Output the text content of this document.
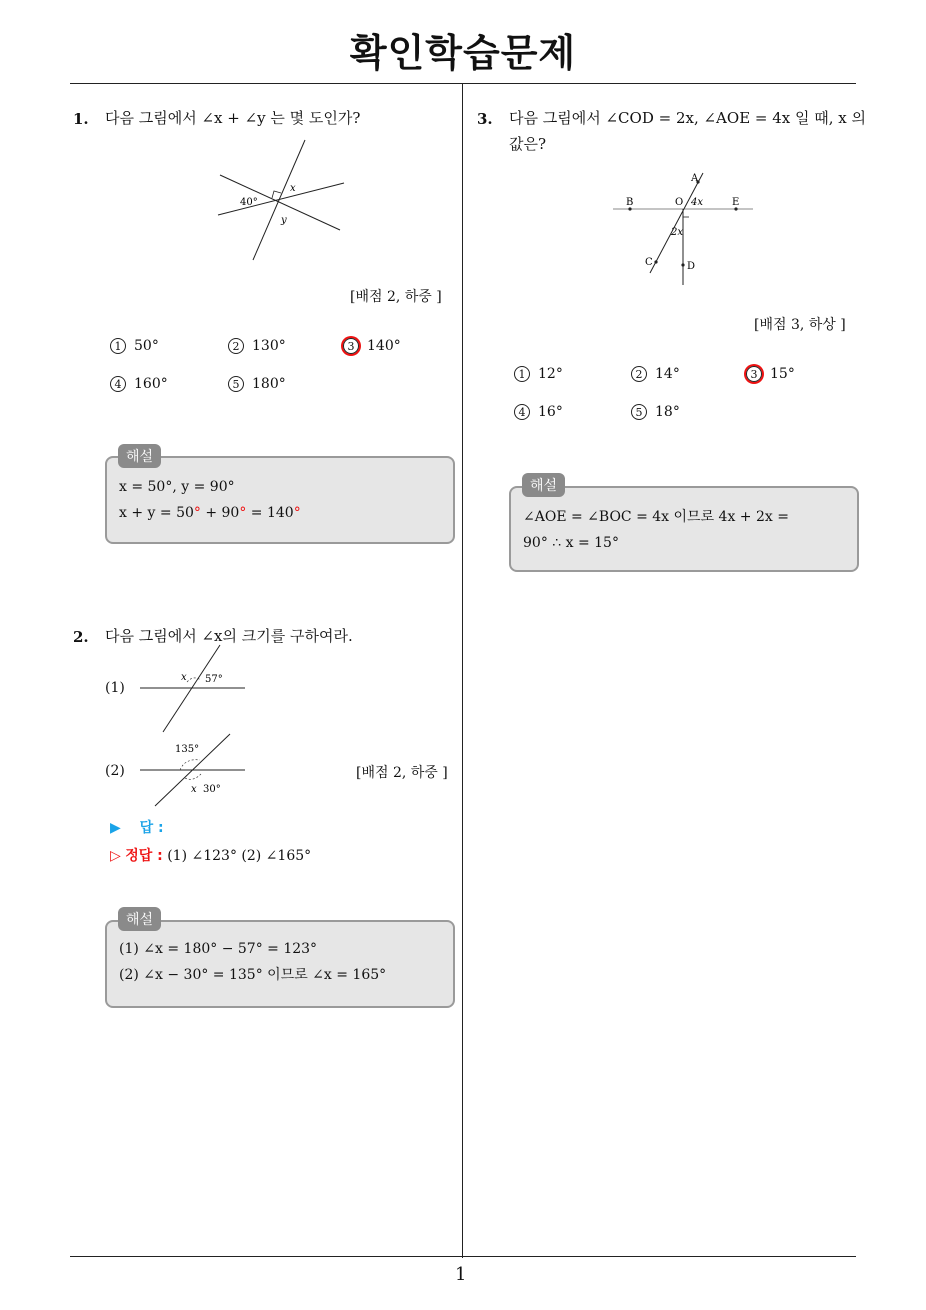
확인학습문제
1
1. 다음 그림에서 ∠x + ∠y 는 몇 도인가?
40°
x
y
[배점 2, 하중 ]
1 50°	2 130°	3 140°
4 160°	5 180°
x = 50°, y = 90°
x + y = 50° + 90° = 140°
해설
2. 다음 그림에서 ∠x의 크기를 구하여라.
(1)
x 57°
(2)
135°
x 30°
[배점 2, 하중 ]
▶ 답 :
▷ 정답 : (1) ∠123° (2) ∠165°
(1) ∠x = 180° − 57° = 123°
(2) ∠x − 30° = 135° 이므로 ∠x = 165°
해설
3. 다음 그림에서 ∠COD = 2x, ∠AOE = 4x 일 때, x 의
값은?
A
B	O	E
C	D
4x
2x
[배점 3, 하상 ]
1 12°	2 14°	3 15°
4 16°	5 18°
∠AOE = ∠BOC = 4x 이므로 4x + 2x =
90° ∴ x = 15°
해설
